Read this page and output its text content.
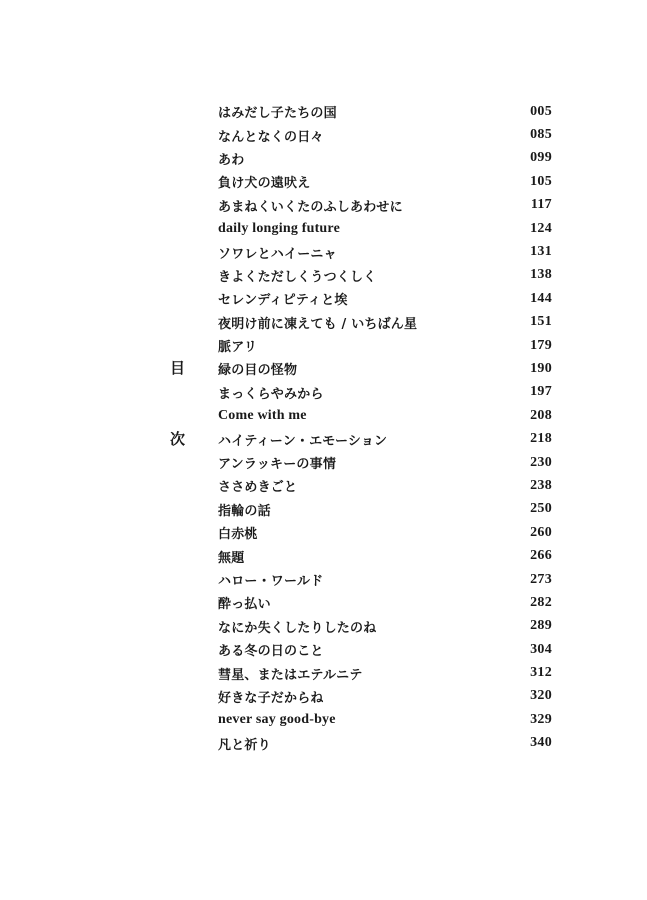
目
次
はみだし子たちの国	005
なんとなくの日々	085
あわ	099
負け犬の遠吠え	105
あまねくいくたのふしあわせに	117
daily longing future	124
ソワレとハイーニャ	131
きよくただしくうつくしく	138
セレンディピティと埃	144
夜明け前に凍えても / いちばん星	151
脈アリ	179
緑の目の怪物	190
まっくらやみから	197
Come with me	208
ハイティーン・エモーション	218
アンラッキーの事情	230
ささめきごと	238
指輪の話	250
白赤桃	260
無題	266
ハロー・ワールド	273
酔っ払い	282
なにか失くしたりしたのね	289
ある冬の日のこと	304
彗星、またはエテルニテ	312
好きな子だからね	320
never say good-bye	329
凡と祈り	340
